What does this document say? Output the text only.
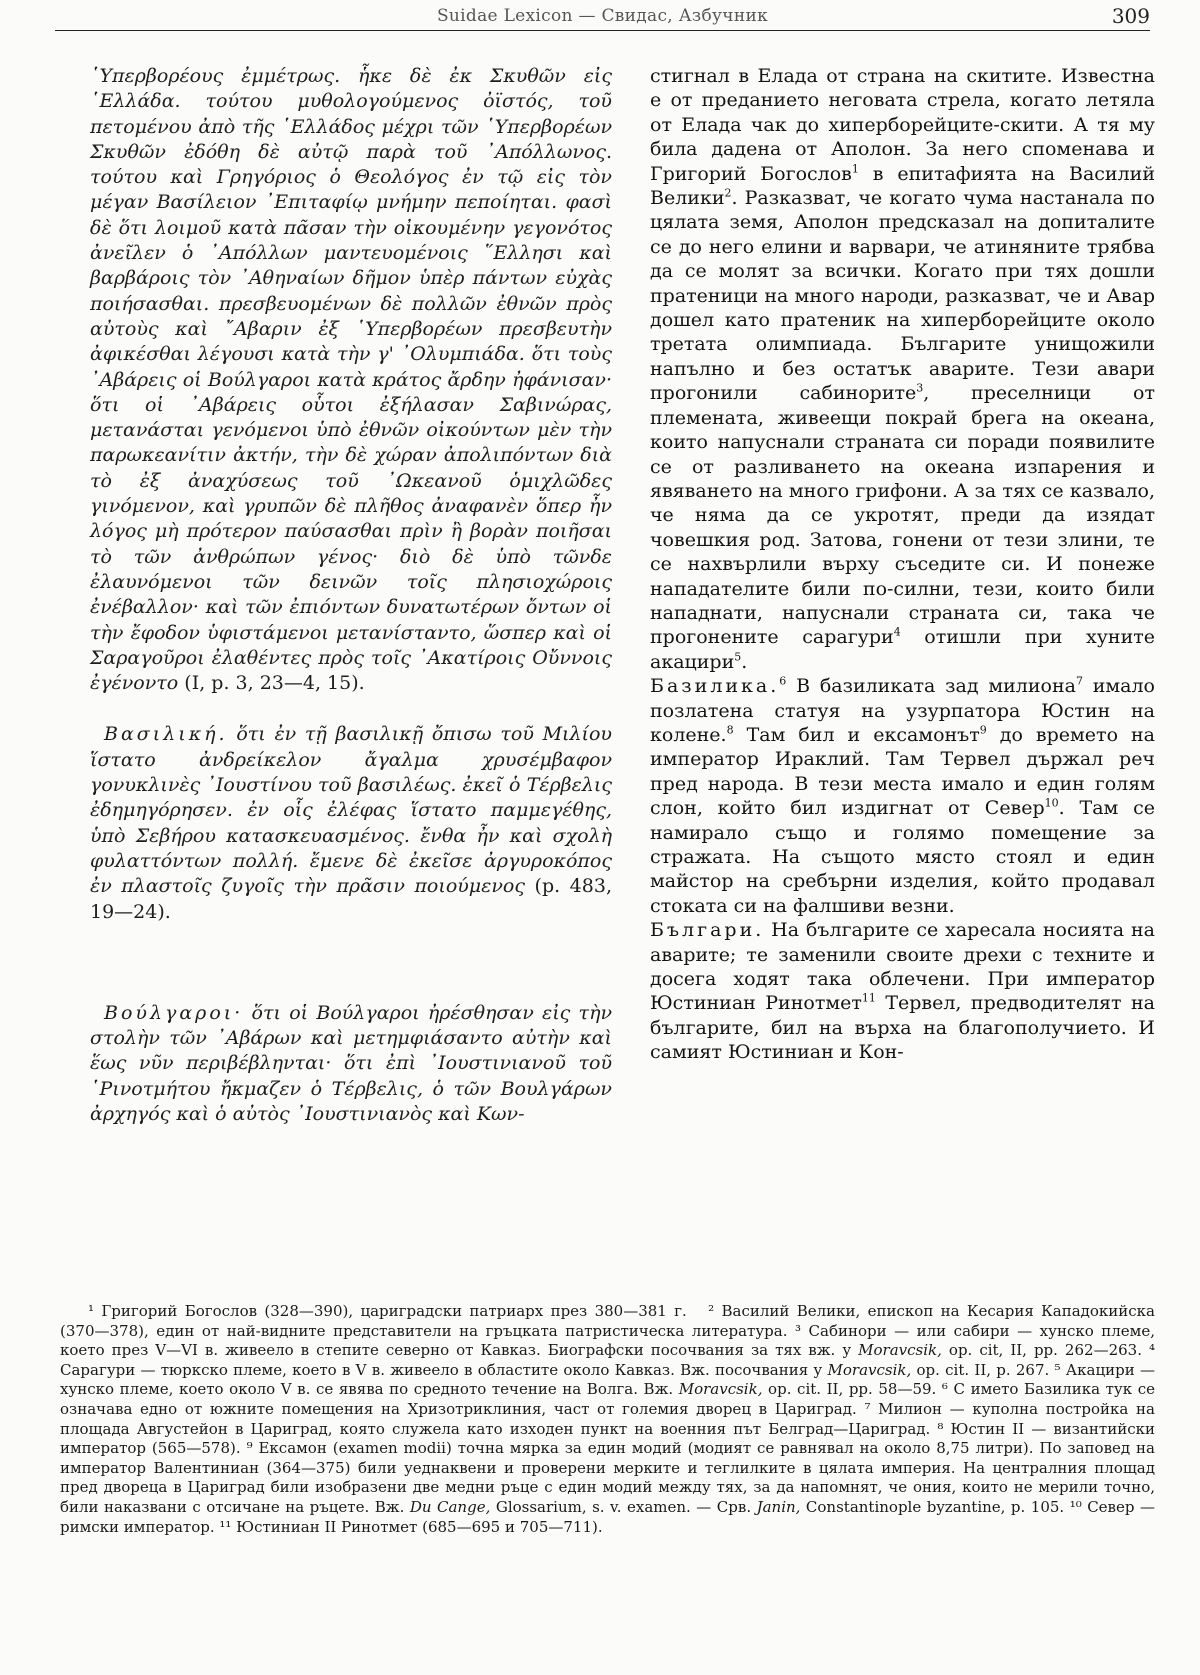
Suidae Lexicon — Свидас, Азбучник	309

῾Υπερβορέους ἐμμέτρως. ἧκε δὲ ἐκ Σκυθῶν εἰς ῾Ελλάδα. τούτου μυθολογούμενος ὀϊστός, τοῦ πετομένου ἀπὸ τῆς ῾Ελλάδος μέχρι τῶν ῾Υπερβορέων Σκυθῶν ἐδόθη δὲ αὐτῷ παρὰ τοῦ ᾿Απόλλωνος. τούτου καὶ Γρηγόριος ὁ Θεολόγος ἐν τῷ εἰς τὸν μέγαν Βασίλειον ᾿Επιταφίῳ μνήμην πεποίηται. φασὶ δὲ ὅτι λοιμοῦ κατὰ πᾶσαν τὴν οἰκουμένην γεγονότος ἀνεῖλεν ὁ ᾿Απόλλων μαντευομένοις ῞Ελλησι καὶ βαρβάροις τὸν ᾿Αθηναίων δῆμον ὑπὲρ πάντων εὐχὰς ποιήσασθαι. πρεσβευομένων δὲ πολλῶν ἐθνῶν πρὸς αὐτοὺς καὶ ῎Αβαριν ἐξ ῾Υπερβορέων πρεσβευτὴν ἀφικέσθαι λέγουσι κατὰ τὴν γ' ᾿Ολυμπιάδα. ὅτι τοὺς ᾿Αβάρεις οἱ Βούλγαροι κατὰ κράτος ἄρδην ἠφάνισαν· ὅτι οἱ ᾿Αβάρεις οὗτοι ἐξήλασαν Σαβινώρας, μετανάσται γενόμενοι ὑπὸ ἐθνῶν οἰκούντων μὲν τὴν παρωκεανίτιν ἀκτήν, τὴν δὲ χώραν ἀπολιπόντων διὰ τὸ ἐξ ἀναχύσεως τοῦ ᾿Ωκεανοῦ ὁμιχλῶδες γινόμενον, καὶ γρυπῶν δὲ πλῆθος ἀναφανὲν ὅπερ ἦν λόγος μὴ πρότερον παύσασθαι πρὶν ἢ βορὰν ποιῆσαι τὸ τῶν ἀνθρώπων γένος· διὸ δὲ ὑπὸ τῶνδε ἐλαυνόμενοι τῶν δεινῶν τοῖς πλησιοχώροις ἐνέβαλλον· καὶ τῶν ἐπιόντων δυνατωτέρων ὄντων οἱ τὴν ἔφοδον ὑφιστάμενοι μετανίσταντο, ὥσπερ καὶ οἱ Σαραγοῦροι ἐλαθέντες πρὸς τοῖς ᾿Ακατίροις Οὔννοις ἐγένοντο (I, p. 3, 23—4, 15).

Βασιλική. ὅτι ἐν τῇ βασιλικῇ ὄπισω τοῦ Μιλίου ἵστατο ἀνδρείκελον ἄγαλμα χρυσέμβαφον γονυκλινὲς ᾿Ιουστίνου τοῦ βασιλέως. ἐκεῖ ὁ Τέρβελις ἐδημηγόρησεν. ἐν οἷς ἐλέφας ἵστατο παμμεγέθης, ὑπὸ Σεβήρου κατασκευασμένος. ἔνθα ἦν καὶ σχολὴ φυλαττόντων πολλή. ἔμενε δὲ ἐκεῖσε ἀργυροκόπος ἐν πλαστοῖς ζυγοῖς τὴν πρᾶσιν ποιούμενος (p. 483, 19—24).

Βούλγαροι· ὅτι οἱ Βούλγαροι ἠρέσθησαν εἰς τὴν στολὴν τῶν ᾿Αβάρων καὶ μετημφιάσαντο αὐτὴν καὶ ἕως νῦν περιβέβληνται· ὅτι ἐπὶ ᾿Ιουστινιανοῦ τοῦ ῾Ρινοτμήτου ἤκμαζεν ὁ Τέρβελις, ὁ τῶν Βουλγάρων ἀρχηγός καὶ ὁ αὐτὸς ᾿Ιουστινιανὸς καὶ Κων-

стигнал в Елада от страна на скитите. Известна е от преданието неговата стрела, когато летяла от Елада чак до хиперборейците-скити. А тя му била дадена от Аполон. За него споменава и Григорий Богослов$^1$ в епитафията на Василий Велики$^2$. Разказват, че когато чума настанала по цялата земя, Аполон предсказал на допиталите се до него елини и варвари, че атиняните трябва да се молят за всички. Когато при тях дошли пратеници на много народи, разказват, че и Авар дошел като пратеник на хиперборейците около третата олимпиада. Българите унищожили напълно и без остатък аварите. Тези авари прогонили сабинорите$^3$, преселници от племената, живеещи покрай брега на океана, които напуснали страната си поради появилите се от разливането на океана изпарения и явяването на много грифони. А за тях се казвало, че няма да се укротят, преди да изядат човешкия род. Затова, гонени от тези злини, те се нахвърлили върху съседите си. И понеже нападателите били по-силни, тези, които били нападнати, напуснали страната си, така че прогонените сарагури$^4$ отишли при хуните акацири$^5$.

Базилика.$^6$ В базиликата зад милиона$^7$ имало позлатена статуя на узурпатора Юстин на колене.$^8$ Там бил и ексамонът$^9$ до времето на император Ираклий. Там Тервел държал реч пред народа. В тези места имало и един голям слон, който бил издигнат от Север$^{10}$. Там се намирало също и голямо помещение за стражата. На същото място стоял и един майстор на сребърни изделия, който продавал стоката си на фалшиви везни.

Българи. На българите се харесала носията на аварите; те заменили своите дрехи с техните и досега ходят така облечени. При император Юстиниан Ринотмет$^{11}$ Тервел, предводителят на българите, бил на върха на благополучието. И самият Юстиниан и Кон-

¹ Григорий Богослов (328—390), цариградски патриарх през 380—381 г. ² Василий Велики, епископ на Кесария Кападокийска (370—378), един от най-видните представители на гръцката патристическа литература. ³ Сабинори — или сабири — хунско племе, което през V—VI в. живеело в степите северно от Кавказ. Биографски посочвания за тях вж. у Moravcsik, op. cit, II, pp. 262—263. ⁴ Сарагури — тюркско племе, което в V в. живеело в областите около Кавказ. Вж. посочвания у Moravcsik, op. cit. II, p. 267. ⁵ Акацири — хунско племе, което около V в. се явява по средното течение на Волга. Вж. Moravcsik, op. cit. II, pp. 58—59. ⁶ С името Базилика тук се означава едно от южните помещения на Хризотриклиния, част от големия дворец в Цариград. ⁷ Милион — куполна постройка на площада Августейон в Цариград, която служела като изходен пункт на военния път Белград—Цариград. ⁸ Юстин II — византийски император (565—578). ⁹ Ексамон (examen modii) точна мярка за един модий (модият се равнявал на около 8,75 литри). По заповед на император Валентиниан (364—375) били уеднаквени и проверени мерките и теглилките в цялата империя. На централния площад пред двореца в Цариград били изобразени две медни ръце с един модий между тях, за да напомнят, че ония, които не мерили точно, били наказвани с отсичане на ръцете. Вж. Du Cange, Glossarium, s. v. examen. — Срв. Janin, Constantinople byzantine, p. 105. ¹⁰ Север — римски император. ¹¹ Юстиниан II Ринотмет (685—695 и 705—711).
